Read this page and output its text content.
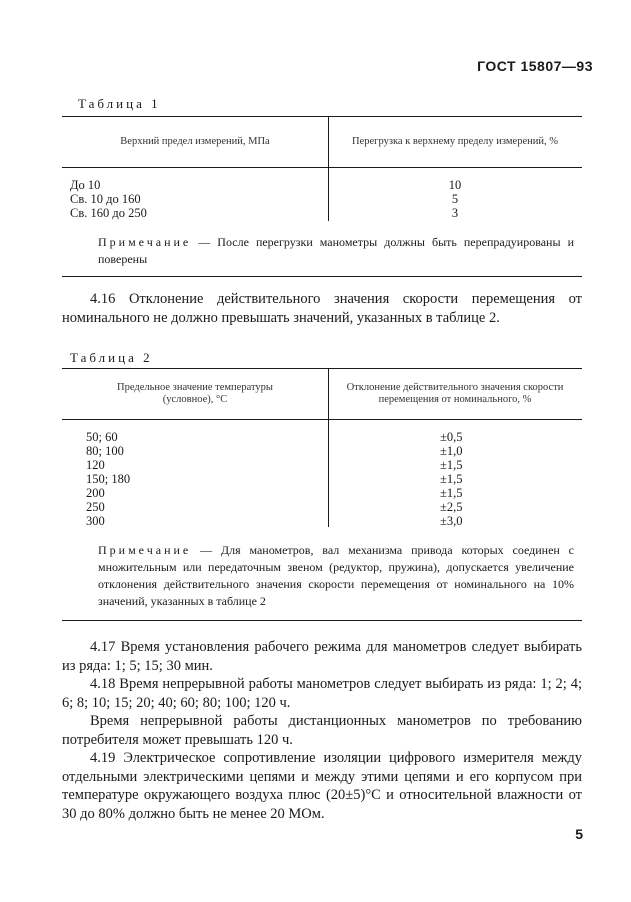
ГОСТ 15807—93
Таблица 1
Верхний предел измерений, МПа	Перегрузка к верхнему пределу измерений, %
До 10
Св. 10 до 160
Св. 160 до 250
10
5
3
Примечание — После перегрузки манометры должны быть перепрадуированы и поверены

4.16 Отклонение действительного значения скорости перемещения от номинального не должно превышать значений, указанных в таблице 2.

Таблица 2
Предельное значение температуры (условное), °С
Отклонение действительного значения скорости перемещения от номинального, %
50; 60
80; 100
120
150; 180
200
250
300
±0,5
±1,0
±1,5
±1,5
±1,5
±2,5
±3,0
Примечание — Для манометров, вал механизма привода которых соединен с множительным или передаточным звеном (редуктор, пружина), допускается увеличение отклонения действительного значения скорости перемещения от номинального на 10% значений, указанных в таблице 2

4.17 Время установления рабочего режима для манометров следует выбирать из ряда: 1; 5; 15; 30 мин.

4.18 Время непрерывной работы манометров следует выбирать из ряда: 1; 2; 4; 6; 8; 10; 15; 20; 40; 60; 80; 100; 120 ч.

Время непрерывной работы дистанционных манометров по требованию потребителя может превышать 120 ч.

4.19 Электрическое сопротивление изоляции цифрового измерителя между отдельными электрическими цепями и между этими цепями и его корпусом при температуре окружающего воздуха плюс (20±5)°С и относительной влажности от 30 до 80% должно быть не менее 20 МОм.

5
